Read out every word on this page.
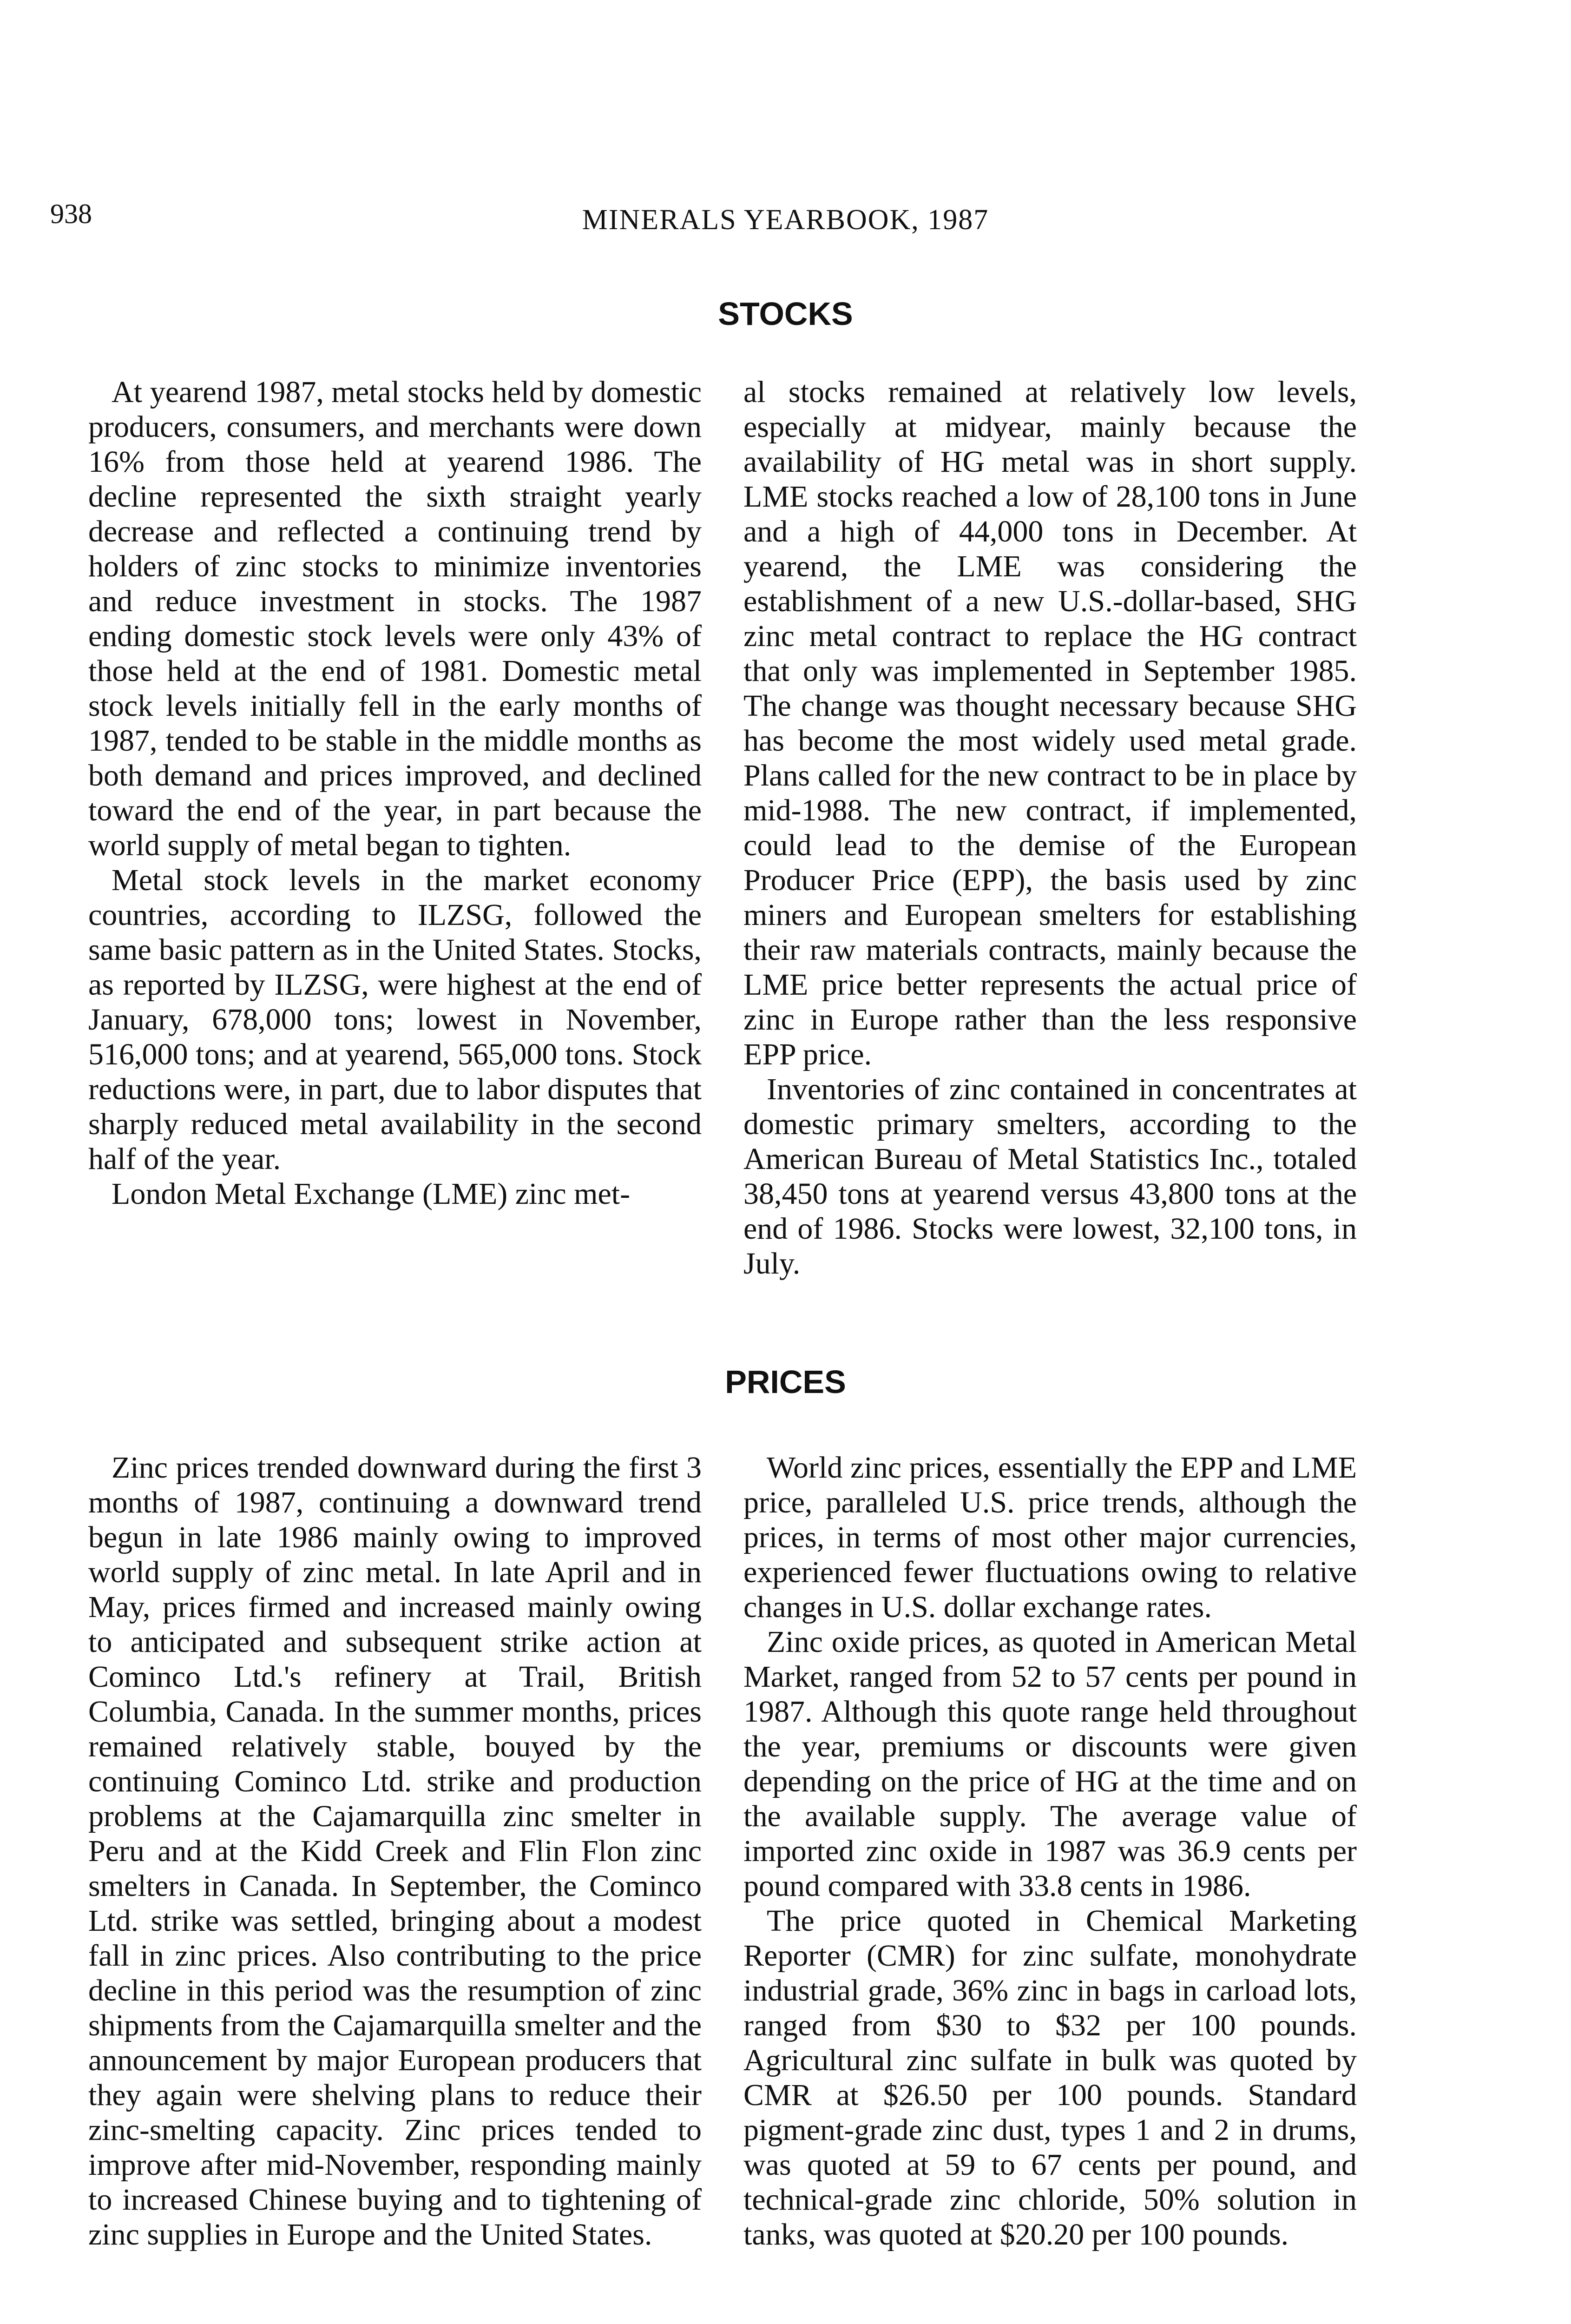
938	MINERALS YEARBOOK, 1987
STOCKS

At yearend 1987, metal stocks held by domestic producers, consumers, and merchants were down 16% from those held at yearend 1986. The decline represented the sixth straight yearly decrease and reflected a continuing trend by holders of zinc stocks to minimize inventories and reduce investment in stocks. The 1987 ending domestic stock levels were only 43% of those held at the end of 1981. Domestic metal stock levels initially fell in the early months of 1987, tended to be stable in the middle months as both demand and prices improved, and declined toward the end of the year, in part because the world supply of metal began to tighten.

Metal stock levels in the market economy countries, according to ILZSG, followed the same basic pattern as in the United States. Stocks, as reported by ILZSG, were highest at the end of January, 678,000 tons; lowest in November, 516,000 tons; and at yearend, 565,000 tons. Stock reductions were, in part, due to labor disputes that sharply reduced metal availability in the second half of the year.

London Metal Exchange (LME) zinc met-

al stocks remained at relatively low levels, especially at midyear, mainly because the availability of HG metal was in short supply. LME stocks reached a low of 28,100 tons in June and a high of 44,000 tons in December. At yearend, the LME was considering the establishment of a new U.S.-dollar-based, SHG zinc metal contract to replace the HG contract that only was implemented in September 1985. The change was thought necessary because SHG has become the most widely used metal grade. Plans called for the new contract to be in place by mid-1988. The new contract, if implemented, could lead to the demise of the European Producer Price (EPP), the basis used by zinc miners and European smelters for establishing their raw materials contracts, mainly because the LME price better represents the actual price of zinc in Europe rather than the less responsive EPP price.

Inventories of zinc contained in concentrates at domestic primary smelters, according to the American Bureau of Metal Statistics Inc., totaled 38,450 tons at yearend versus 43,800 tons at the end of 1986. Stocks were lowest, 32,100 tons, in July.

PRICES

Zinc prices trended downward during the first 3 months of 1987, continuing a downward trend begun in late 1986 mainly owing to improved world supply of zinc metal. In late April and in May, prices firmed and increased mainly owing to anticipated and subsequent strike action at Cominco Ltd.'s refinery at Trail, British Columbia, Canada. In the summer months, prices remained relatively stable, bouyed by the continuing Cominco Ltd. strike and production problems at the Cajamarquilla zinc smelter in Peru and at the Kidd Creek and Flin Flon zinc smelters in Canada. In September, the Cominco Ltd. strike was settled, bringing about a modest fall in zinc prices. Also contributing to the price decline in this period was the resumption of zinc shipments from the Cajamarquilla smelter and the announcement by major European producers that they again were shelving plans to reduce their zinc-smelting capacity. Zinc prices tended to improve after mid-November, responding mainly to increased Chinese buying and to tightening of zinc supplies in Europe and the United States.

World zinc prices, essentially the EPP and LME price, paralleled U.S. price trends, although the prices, in terms of most other major currencies, experienced fewer fluctuations owing to relative changes in U.S. dollar exchange rates.

Zinc oxide prices, as quoted in American Metal Market, ranged from 52 to 57 cents per pound in 1987. Although this quote range held throughout the year, premiums or discounts were given depending on the price of HG at the time and on the available supply. The average value of imported zinc oxide in 1987 was 36.9 cents per pound compared with 33.8 cents in 1986.

The price quoted in Chemical Marketing Reporter (CMR) for zinc sulfate, monohydrate industrial grade, 36% zinc in bags in carload lots, ranged from $30 to $32 per 100 pounds. Agricultural zinc sulfate in bulk was quoted by CMR at $26.50 per 100 pounds. Standard pigment-grade zinc dust, types 1 and 2 in drums, was quoted at 59 to 67 cents per pound, and technical-grade zinc chloride, 50% solution in tanks, was quoted at $20.20 per 100 pounds.
